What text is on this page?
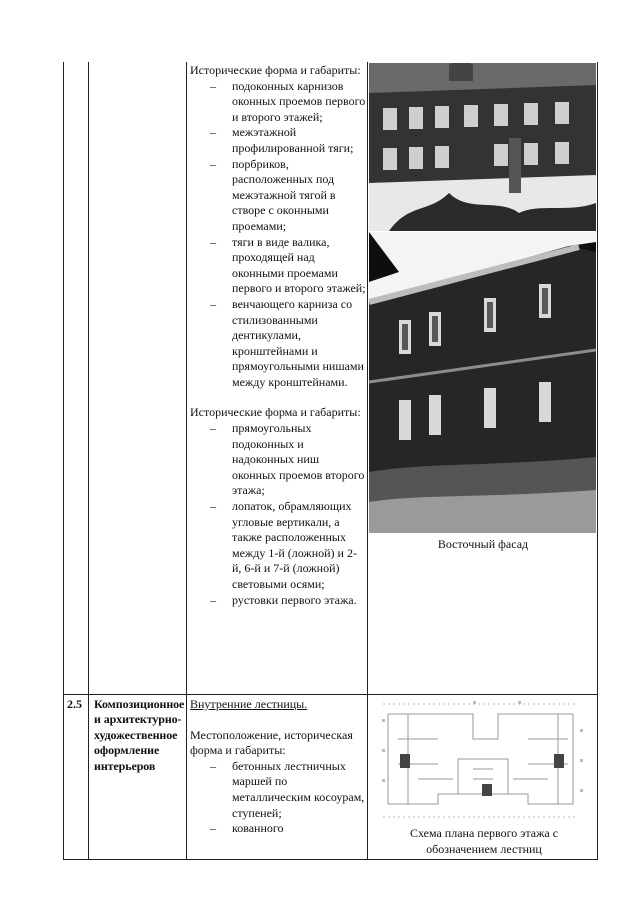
Исторические форма и габариты:
– подоконных карнизов оконных проемов первого и второго этажей;
– межэтажной профилированной тяги;
– порбриков, расположенных под межэтажной тягой в створе с оконными проемами;
– тяги в виде валика, проходящей над оконными проемами первого и второго этажей;
– венчающего карниза со стилизованными дентикулами, кронштейнами и прямоугольными нишами между кронштейнами.
Исторические форма и габариты:
– прямоугольных подоконных и надоконных ниш оконных проемов второго этажа;
– лопаток, обрамляющих угловые вертикали, а также расположенных между 1-й (ложной) и 2-й, 6-й и 7-й (ложной) световыми осями;
– рустовки первого этажа.
Восточный фасад
2.5 Композиционное и архитектурно-художественное оформление интерьеров
Внутренние лестницы.
Местоположение, историческая форма и габариты:
– бетонных лестничных маршей по металлическим косоурам, ступеней;
– кованного	Схема плана первого этажа с обозначением лестниц
